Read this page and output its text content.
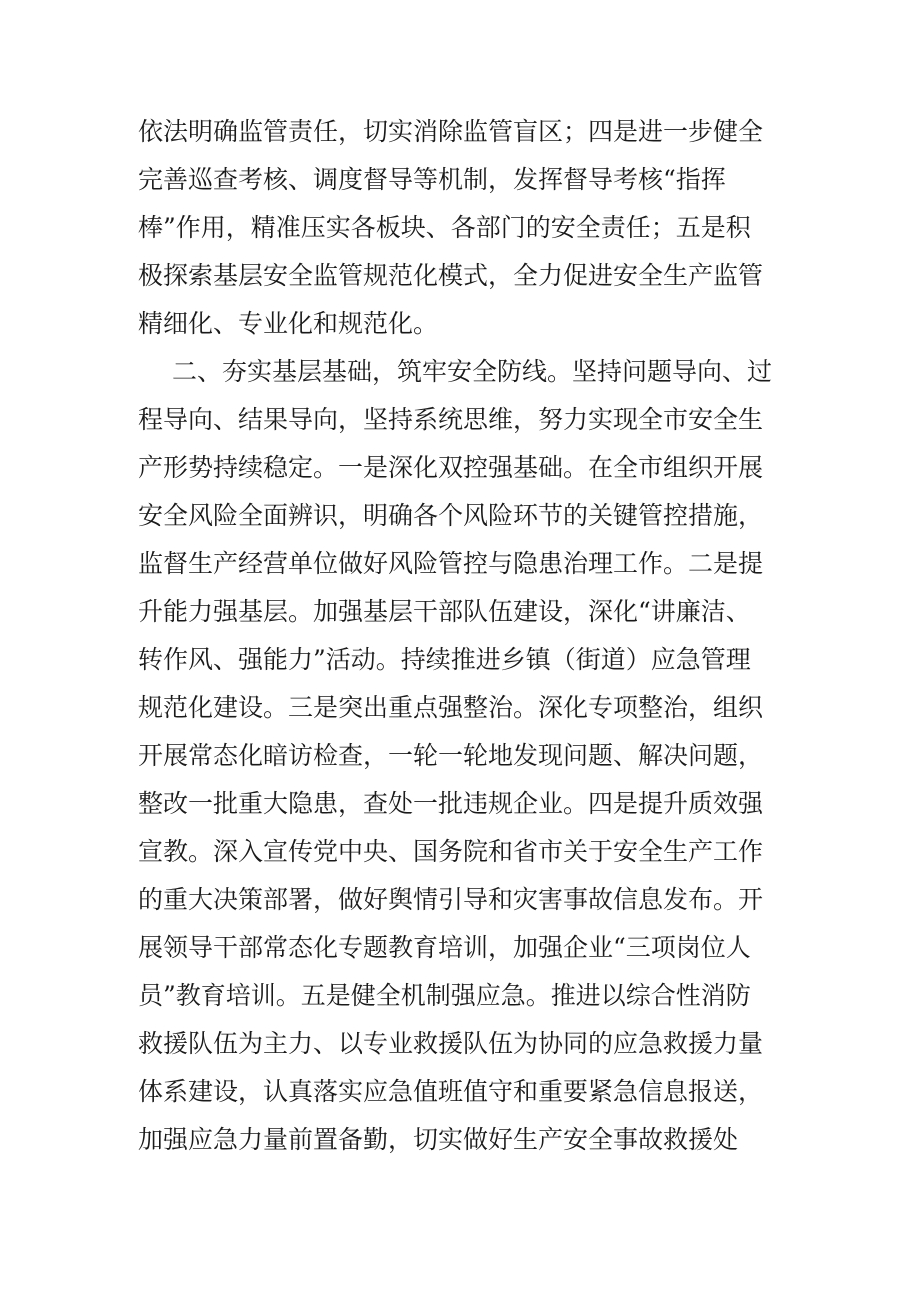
依法明确监管责任，切实消除监管盲区；四是进一步健全
完善巡查考核、调度督导等机制，发挥督导考核“指挥
棒”作用，精准压实各板块、各部门的安全责任；五是积
极探索基层安全监管规范化模式，全力促进安全生产监管
精细化、专业化和规范化。
二、夯实基层基础，筑牢安全防线。坚持问题导向、过
程导向、结果导向，坚持系统思维，努力实现全市安全生
产形势持续稳定。一是深化双控强基础。在全市组织开展
安全风险全面辨识，明确各个风险环节的关键管控措施，
监督生产经营单位做好风险管控与隐患治理工作。二是提
升能力强基层。加强基层干部队伍建设，深化“讲廉洁、
转作风、强能力”活动。持续推进乡镇（街道）应急管理
规范化建设。三是突出重点强整治。深化专项整治，组织
开展常态化暗访检查，一轮一轮地发现问题、解决问题，
整改一批重大隐患，查处一批违规企业。四是提升质效强
宣教。深入宣传党中央、国务院和省市关于安全生产工作
的重大决策部署，做好舆情引导和灾害事故信息发布。开
展领导干部常态化专题教育培训，加强企业“三项岗位人
员”教育培训。五是健全机制强应急。推进以综合性消防
救援队伍为主力、以专业救援队伍为协同的应急救援力量
体系建设，认真落实应急值班值守和重要紧急信息报送，
加强应急力量前置备勤，切实做好生产安全事故救援处
